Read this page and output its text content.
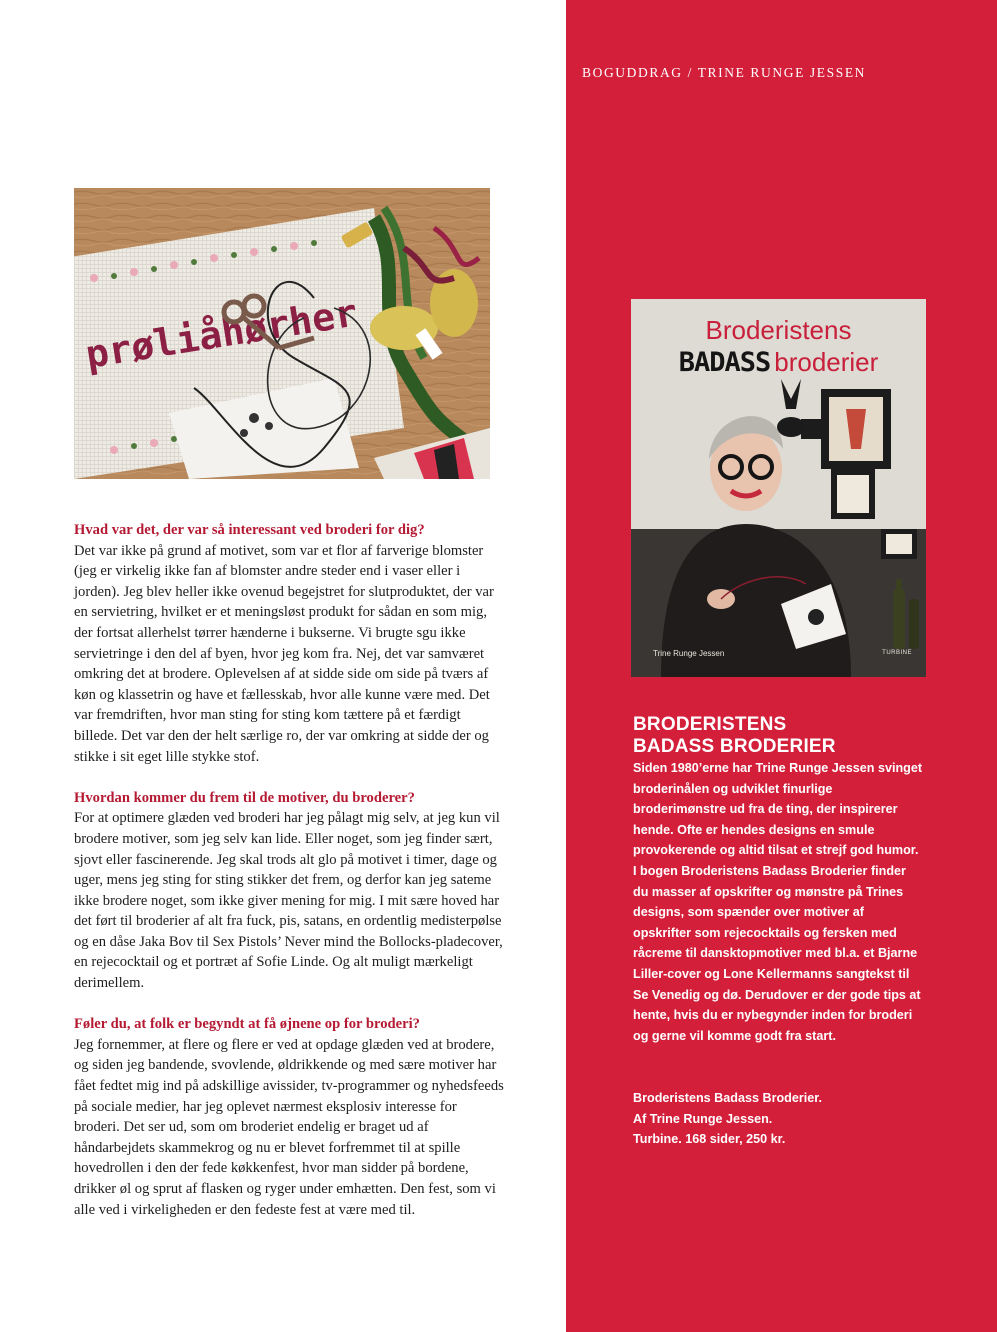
BOGUDDRAG / TRINE RUNGE JESSEN
prøliåhørher
Hvad var det, der var så interessant ved broderi for dig?

Det var ikke på grund af motivet, som var et flor af farverige blomster (jeg er virkelig ikke fan af blomster andre steder end i vaser eller i jorden). Jeg blev heller ikke ovenud begejstret for slutproduktet, der var en servietring, hvilket er et meningsløst produkt for sådan en som mig, der fortsat allerhelst tørrer hænderne i bukserne. Vi brugte sgu ikke servietringe i den del af byen, hvor jeg kom fra. Nej, det var samværet omkring det at brodere. Oplevelsen af at sidde side om side på tværs af køn og klassetrin og have et fællesskab, hvor alle kunne være med. Det var fremdriften, hvor man sting for sting kom tættere på et færdigt billede. Det var den der helt særlige ro, der var omkring at sidde der og stikke i sit eget lille stykke stof.

Hvordan kommer du frem til de motiver, du broderer?

For at optimere glæden ved broderi har jeg pålagt mig selv, at jeg kun vil brodere motiver, som jeg selv kan lide. Eller noget, som jeg finder sært, sjovt eller fascinerende. Jeg skal trods alt glo på motivet i timer, dage og uger, mens jeg sting for sting stikker det frem, og derfor kan jeg sateme ikke brodere noget, som ikke giver mening for mig. I mit sære hoved har det ført til broderier af alt fra fuck, pis, satans, en ordentlig medisterpølse og en dåse Jaka Bov til Sex Pistols’ Never mind the Bollocks-pladecover, en rejecocktail og et portræt af Sofie Linde. Og alt muligt mærkeligt derimellem.

Føler du, at folk er begyndt at få øjnene op for broderi?

Jeg fornemmer, at flere og flere er ved at opdage glæden ved at brodere, og siden jeg bandende, svovlende, øldrikkende og med sære motiver har fået fedtet mig ind på adskillige avissider, tv-programmer og nyhedsfeeds på sociale medier, har jeg oplevet nærmest eksplosiv interesse for broderi. Det ser ud, som om broderiet endelig er braget ud af håndarbejdets skammekrog og nu er blevet forfremmet til at spille hovedrollen i den der fede køkkenfest, hvor man sidder på bordene, drikker øl og sprut af flasken og ryger under emhætten. Den fest, som vi alle ved i virkeligheden er den fedeste fest at være med til.

Broderistens
BADASS broderier
Trine Runge Jessen	TURBINE
BRODERISTENS
BADASS BRODERIER

Siden 1980’erne har Trine Runge Jessen svinget broderinålen og udviklet finurlige broderimønstre ud fra de ting, der inspirerer hende. Ofte er hendes designs en smule provokerende og altid tilsat et strejf god humor. I bogen Broderistens Badass Broderier finder du masser af opskrifter og mønstre på Trines designs, som spænder over motiver af opskrifter som rejecocktails og fersken med råcreme til dansktopmotiver med bl.a. et Bjarne Liller-cover og Lone Kellermanns sangtekst til Se Venedig og dø. Derudover er der gode tips at hente, hvis du er nybegynder inden for broderi og gerne vil komme godt fra start.

Broderistens Badass Broderier.
Af Trine Runge Jessen.
Turbine. 168 sider, 250 kr.
